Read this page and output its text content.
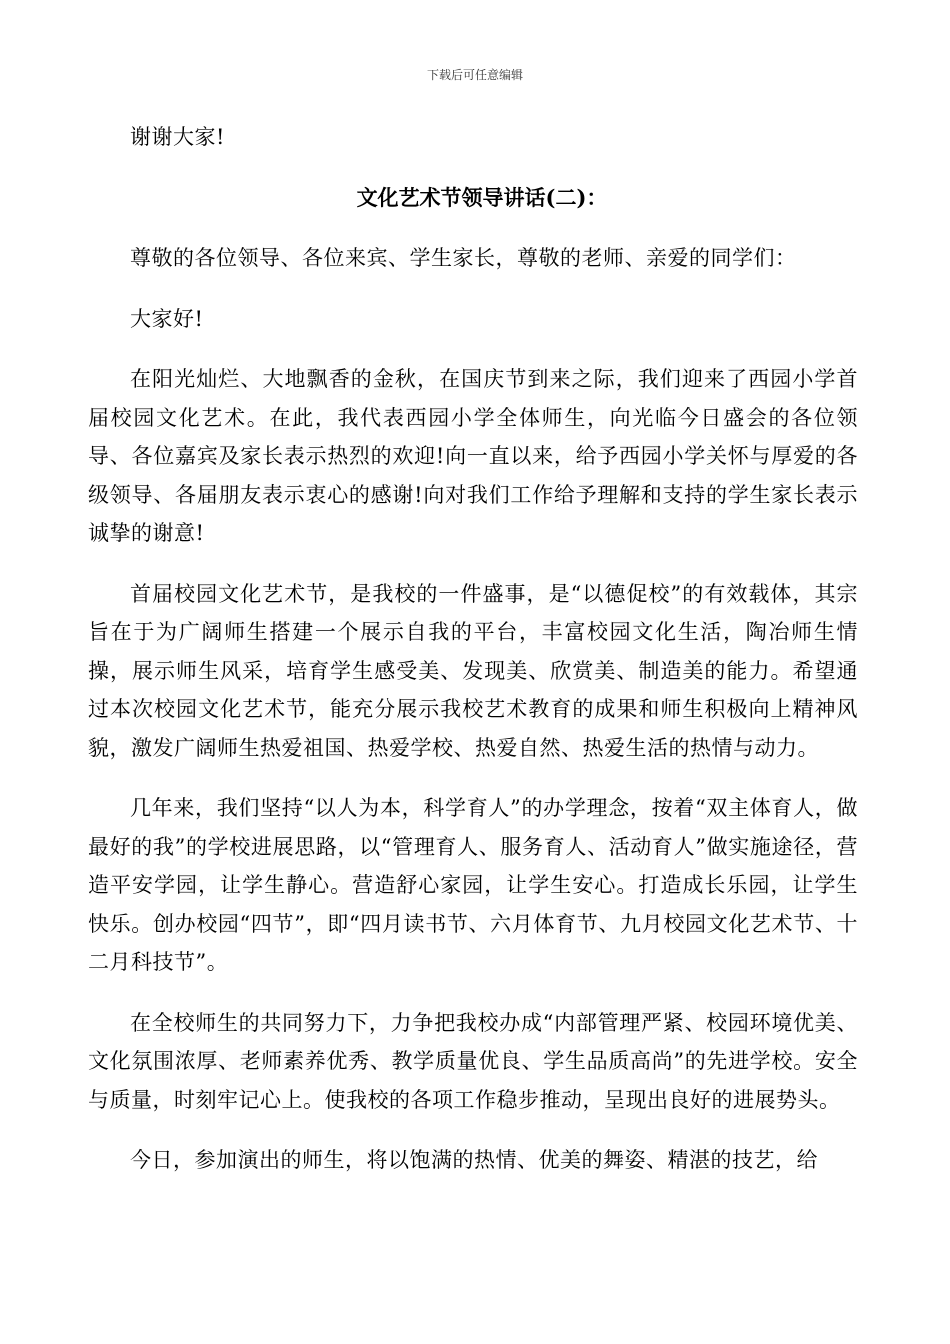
下载后可任意编辑

谢谢大家!

文化艺术节领导讲话(二)：

尊敬的各位领导、各位来宾、学生家长，尊敬的老师、亲爱的同学们：

大家好!

在阳光灿烂、大地飘香的金秋，在国庆节到来之际，我们迎来了西园小学首届校园文化艺术。在此，我代表西园小学全体师生，向光临今日盛会的各位领导、各位嘉宾及家长表示热烈的欢迎!向一直以来，给予西园小学关怀与厚爱的各级领导、各届朋友表示衷心的感谢!向对我们工作给予理解和支持的学生家长表示诚挚的谢意!

首届校园文化艺术节，是我校的一件盛事，是“以德促校”的有效载体，其宗旨在于为广阔师生搭建一个展示自我的平台，丰富校园文化生活，陶冶师生情操，展示师生风采，培育学生感受美、发现美、欣赏美、制造美的能力。希望通过本次校园文化艺术节，能充分展示我校艺术教育的成果和师生积极向上精神风貌，激发广阔师生热爱祖国、热爱学校、热爱自然、热爱生活的热情与动力。

几年来，我们坚持“以人为本，科学育人”的办学理念，按着“双主体育人，做最好的我”的学校进展思路，以“管理育人、服务育人、活动育人”做实施途径，营造平安学园，让学生静心。营造舒心家园，让学生安心。打造成长乐园，让学生快乐。创办校园“四节”，即“四月读书节、六月体育节、九月校园文化艺术节、十二月科技节”。

在全校师生的共同努力下，力争把我校办成“内部管理严紧、校园环境优美、文化氛围浓厚、老师素养优秀、教学质量优良、学生品质高尚”的先进学校。安全与质量，时刻牢记心上。使我校的各项工作稳步推动，呈现出良好的进展势头。

今日，参加演出的师生，将以饱满的热情、优美的舞姿、精湛的技艺，给
